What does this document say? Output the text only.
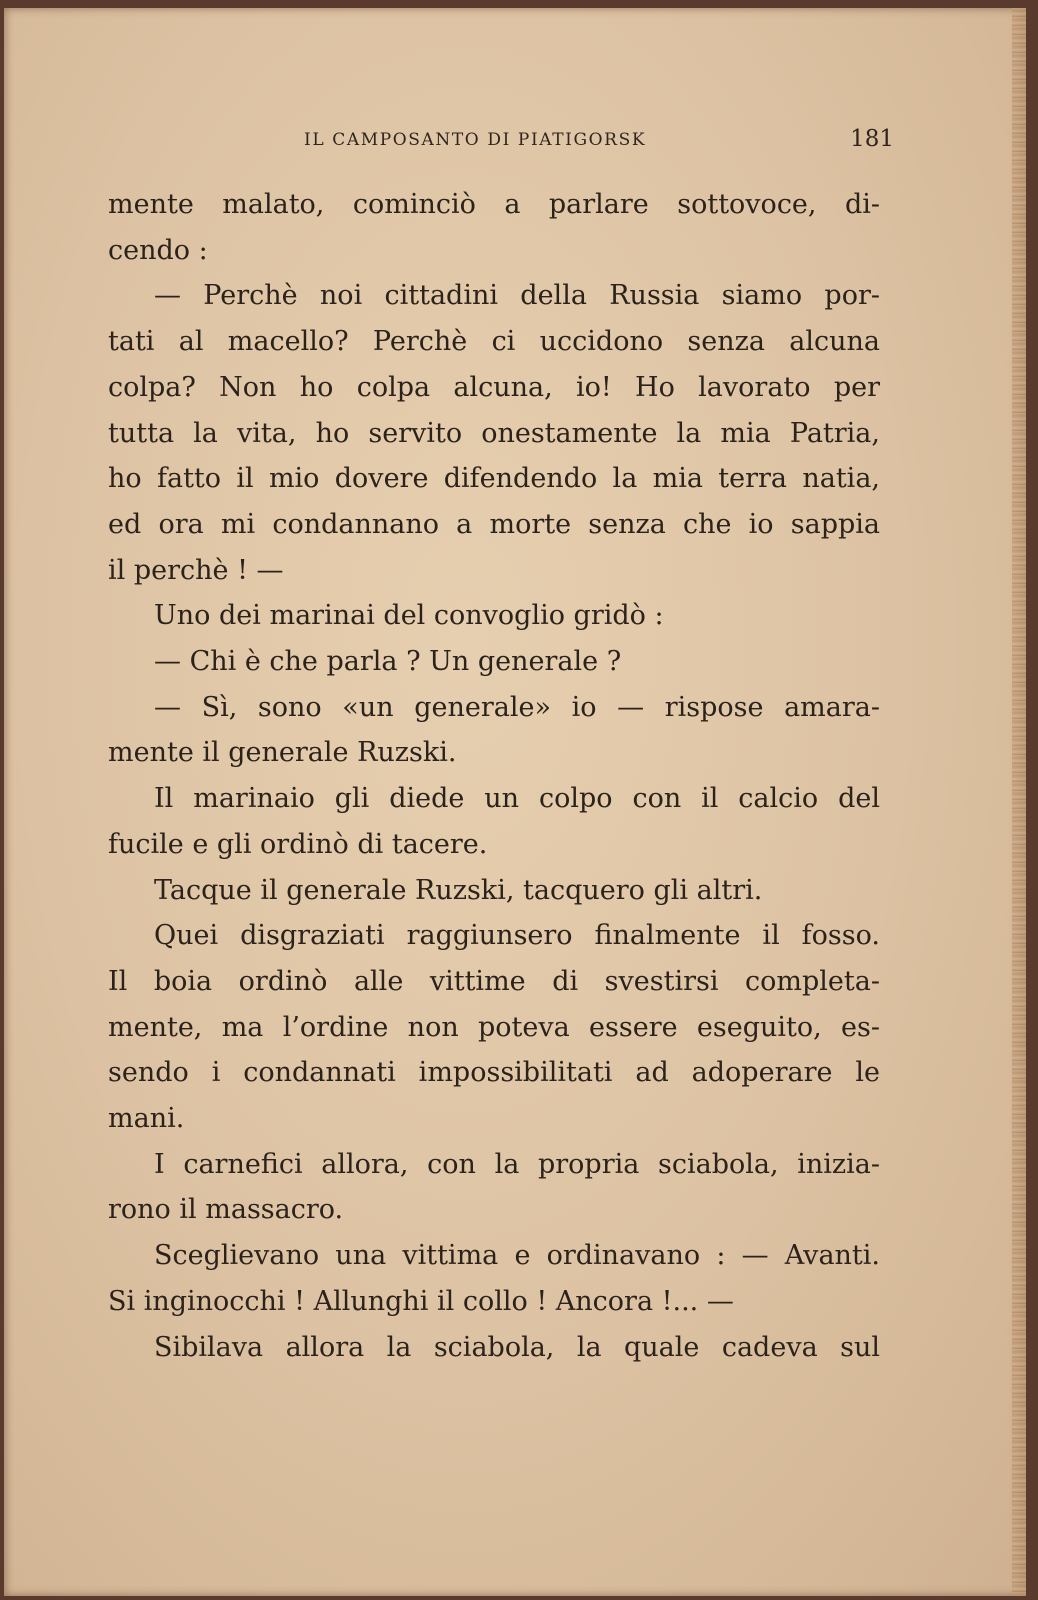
IL CAMPOSANTO DI PIATIGORSK	181
mente malato, cominciò a parlare sottovoce, di-
cendo :
— Perchè noi cittadini della Russia siamo por-
tati al macello? Perchè ci uccidono senza alcuna
colpa? Non ho colpa alcuna, io! Ho lavorato per
tutta la vita, ho servito onestamente la mia Patria,
ho fatto il mio dovere difendendo la mia terra natia,
ed ora mi condannano a morte senza che io sappia
il perchè ! —
Uno dei marinai del convoglio gridò :
— Chi è che parla ? Un generale ?
— Sì, sono «un generale» io — rispose amara-
mente il generale Ruzski.
Il marinaio gli diede un colpo con il calcio del
fucile e gli ordinò di tacere.
Tacque il generale Ruzski, tacquero gli altri.
Quei disgraziati raggiunsero finalmente il fosso.
Il boia ordinò alle vittime di svestirsi completa-
mente, ma l’ordine non poteva essere eseguito, es-
sendo i condannati impossibilitati ad adoperare le
mani.
I carnefici allora, con la propria sciabola, inizia-
rono il massacro.
Sceglievano una vittima e ordinavano : — Avanti.
Si inginocchi ! Allunghi il collo ! Ancora !... —
Sibilava allora la sciabola, la quale cadeva sul
